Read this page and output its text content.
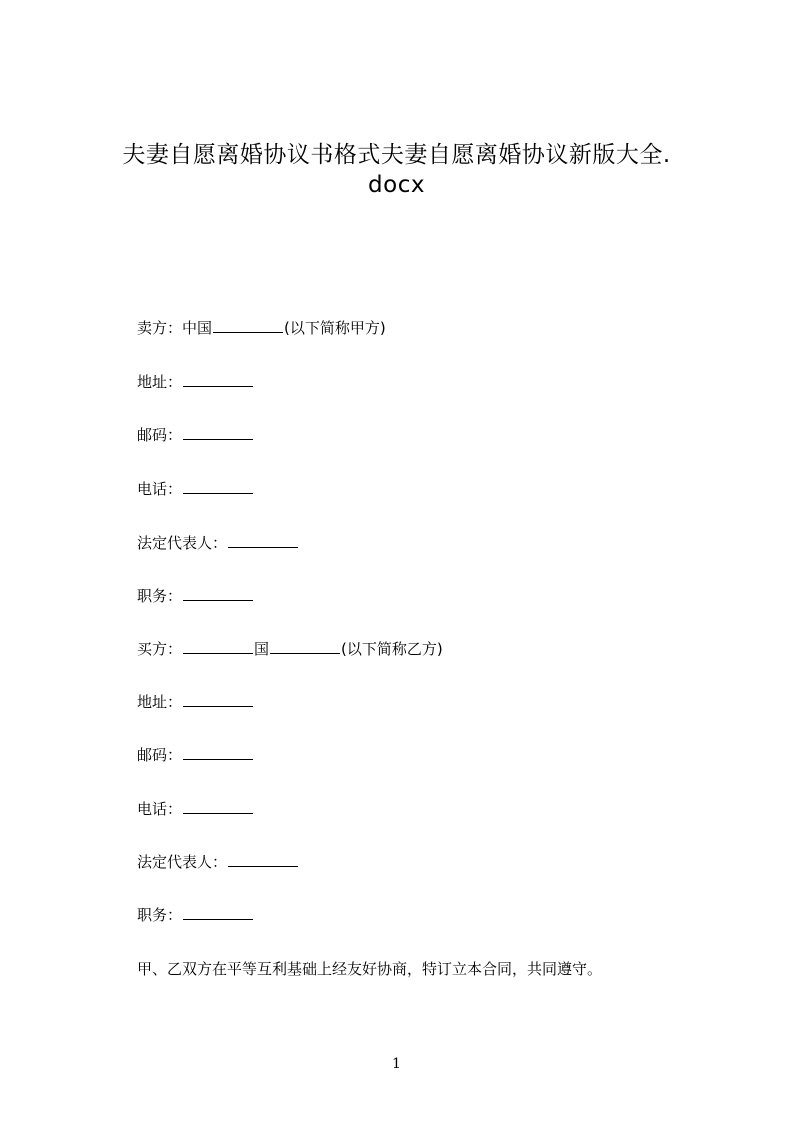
夫妻自愿离婚协议书格式夫妻自愿离婚协议新版大全.
docx
卖方：中国	(以下简称甲方)
地址：
邮码：
电话：
法定代表人：
职务：
买方：	国	(以下简称乙方)
地址：
邮码：
电话：
法定代表人：
职务：
甲、乙双方在平等互利基础上经友好协商，特订立本合同，共同遵守。
1
